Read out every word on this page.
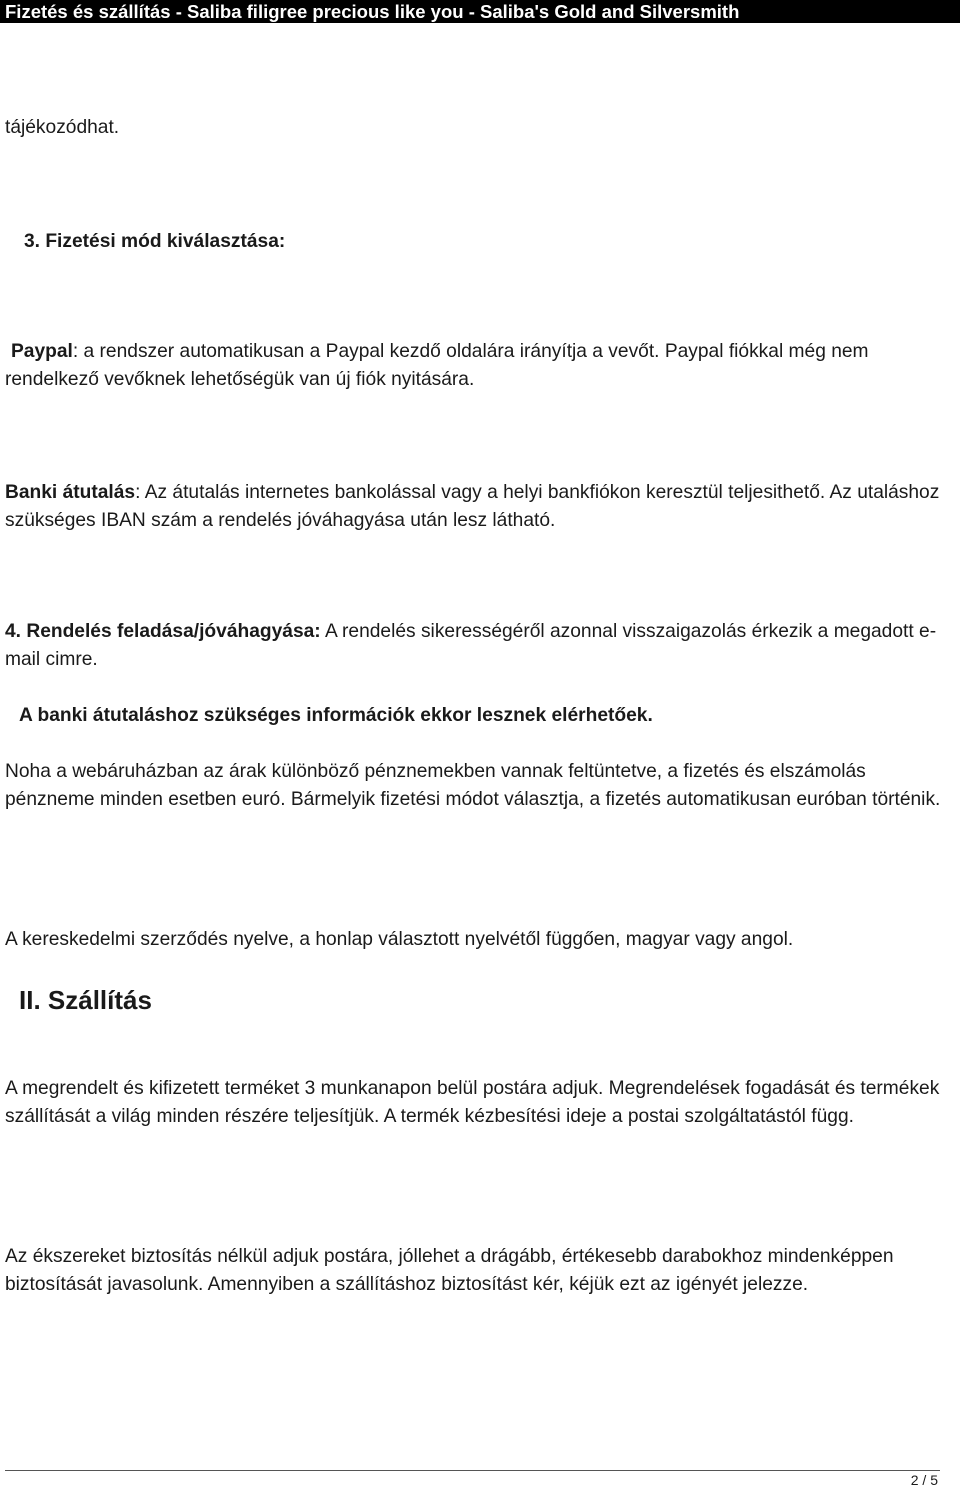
Fizetés és szállítás - Saliba filigree precious like you - Saliba's Gold and Silversmith

tájékozódhat.

3. Fizetési mód kiválasztása:

Paypal: a rendszer automatikusan a Paypal kezdő oldalára irányítja a vevőt. Paypal fiókkal még nem rendelkező vevőknek lehetőségük van új fiók nyitására.

Banki átutalás: Az átutalás internetes bankolással vagy a helyi bankfiókon keresztül teljesithető. Az utaláshoz szükséges IBAN szám a rendelés jóváhagyása után lesz látható.

4. Rendelés feladása/jóváhagyása: A rendelés sikerességéről azonnal visszaigazolás érkezik a megadott e-mail cimre.

A banki átutaláshoz szükséges információk ekkor lesznek elérhetőek.

Noha a webáruházban az árak különböző pénznemekben vannak feltüntetve, a fizetés és elszámolás pénzneme minden esetben euró. Bármelyik fizetési módot választja, a fizetés automatikusan euróban történik.

A kereskedelmi szerződés nyelve, a honlap választott nyelvétől függően, magyar vagy angol.

II. Szállítás

A megrendelt és kifizetett terméket 3 munkanapon belül postára adjuk. Megrendelések fogadását és termékek szállítását a világ minden részére teljesítjük. A termék kézbesítési ideje a postai szolgáltatástól függ.

Az ékszereket biztosítás nélkül adjuk postára, jóllehet a drágább, értékesebb darabokhoz mindenképpen biztosítását javasolunk. Amennyiben a szállításhoz biztosítást kér, kéjük ezt az igényét jelezze.

2 / 5
